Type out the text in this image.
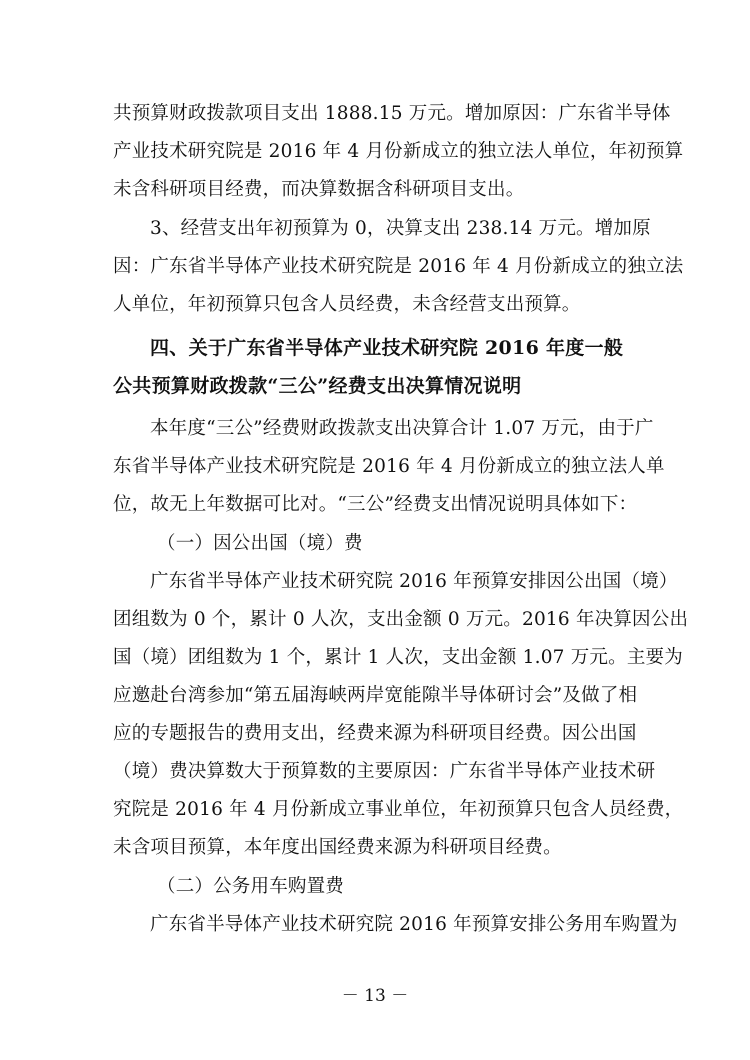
共预算财政拨款项目支出 1888.15 万元。增加原因：广东省半导体
产业技术研究院是 2016 年 4 月份新成立的独立法人单位，年初预算
未含科研项目经费，而决算数据含科研项目支出。
3、经营支出年初预算为 0，决算支出 238.14 万元。增加原
因：广东省半导体产业技术研究院是 2016 年 4 月份新成立的独立法
人单位，年初预算只包含人员经费，未含经营支出预算。
四、关于广东省半导体产业技术研究院 2016 年度一般
公共预算财政拨款“三公”经费支出决算情况说明
本年度“三公”经费财政拨款支出决算合计 1.07 万元，由于广
东省半导体产业技术研究院是 2016 年 4 月份新成立的独立法人单
位，故无上年数据可比对。“三公”经费支出情况说明具体如下：
（一）因公出国（境）费
广东省半导体产业技术研究院 2016 年预算安排因公出国（境）
团组数为 0 个，累计 0 人次，支出金额 0 万元。2016 年决算因公出
国（境）团组数为 1 个，累计 1 人次，支出金额 1.07 万元。主要为
应邀赴台湾参加“第五届海峡两岸宽能隙半导体研讨会”及做了相
应的专题报告的费用支出，经费来源为科研项目经费。因公出国
（境）费决算数大于预算数的主要原因：广东省半导体产业技术研
究院是 2016 年 4 月份新成立事业单位，年初预算只包含人员经费，
未含项目预算，本年度出国经费来源为科研项目经费。
（二）公务用车购置费
广东省半导体产业技术研究院 2016 年预算安排公务用车购置为
－ 13 －
